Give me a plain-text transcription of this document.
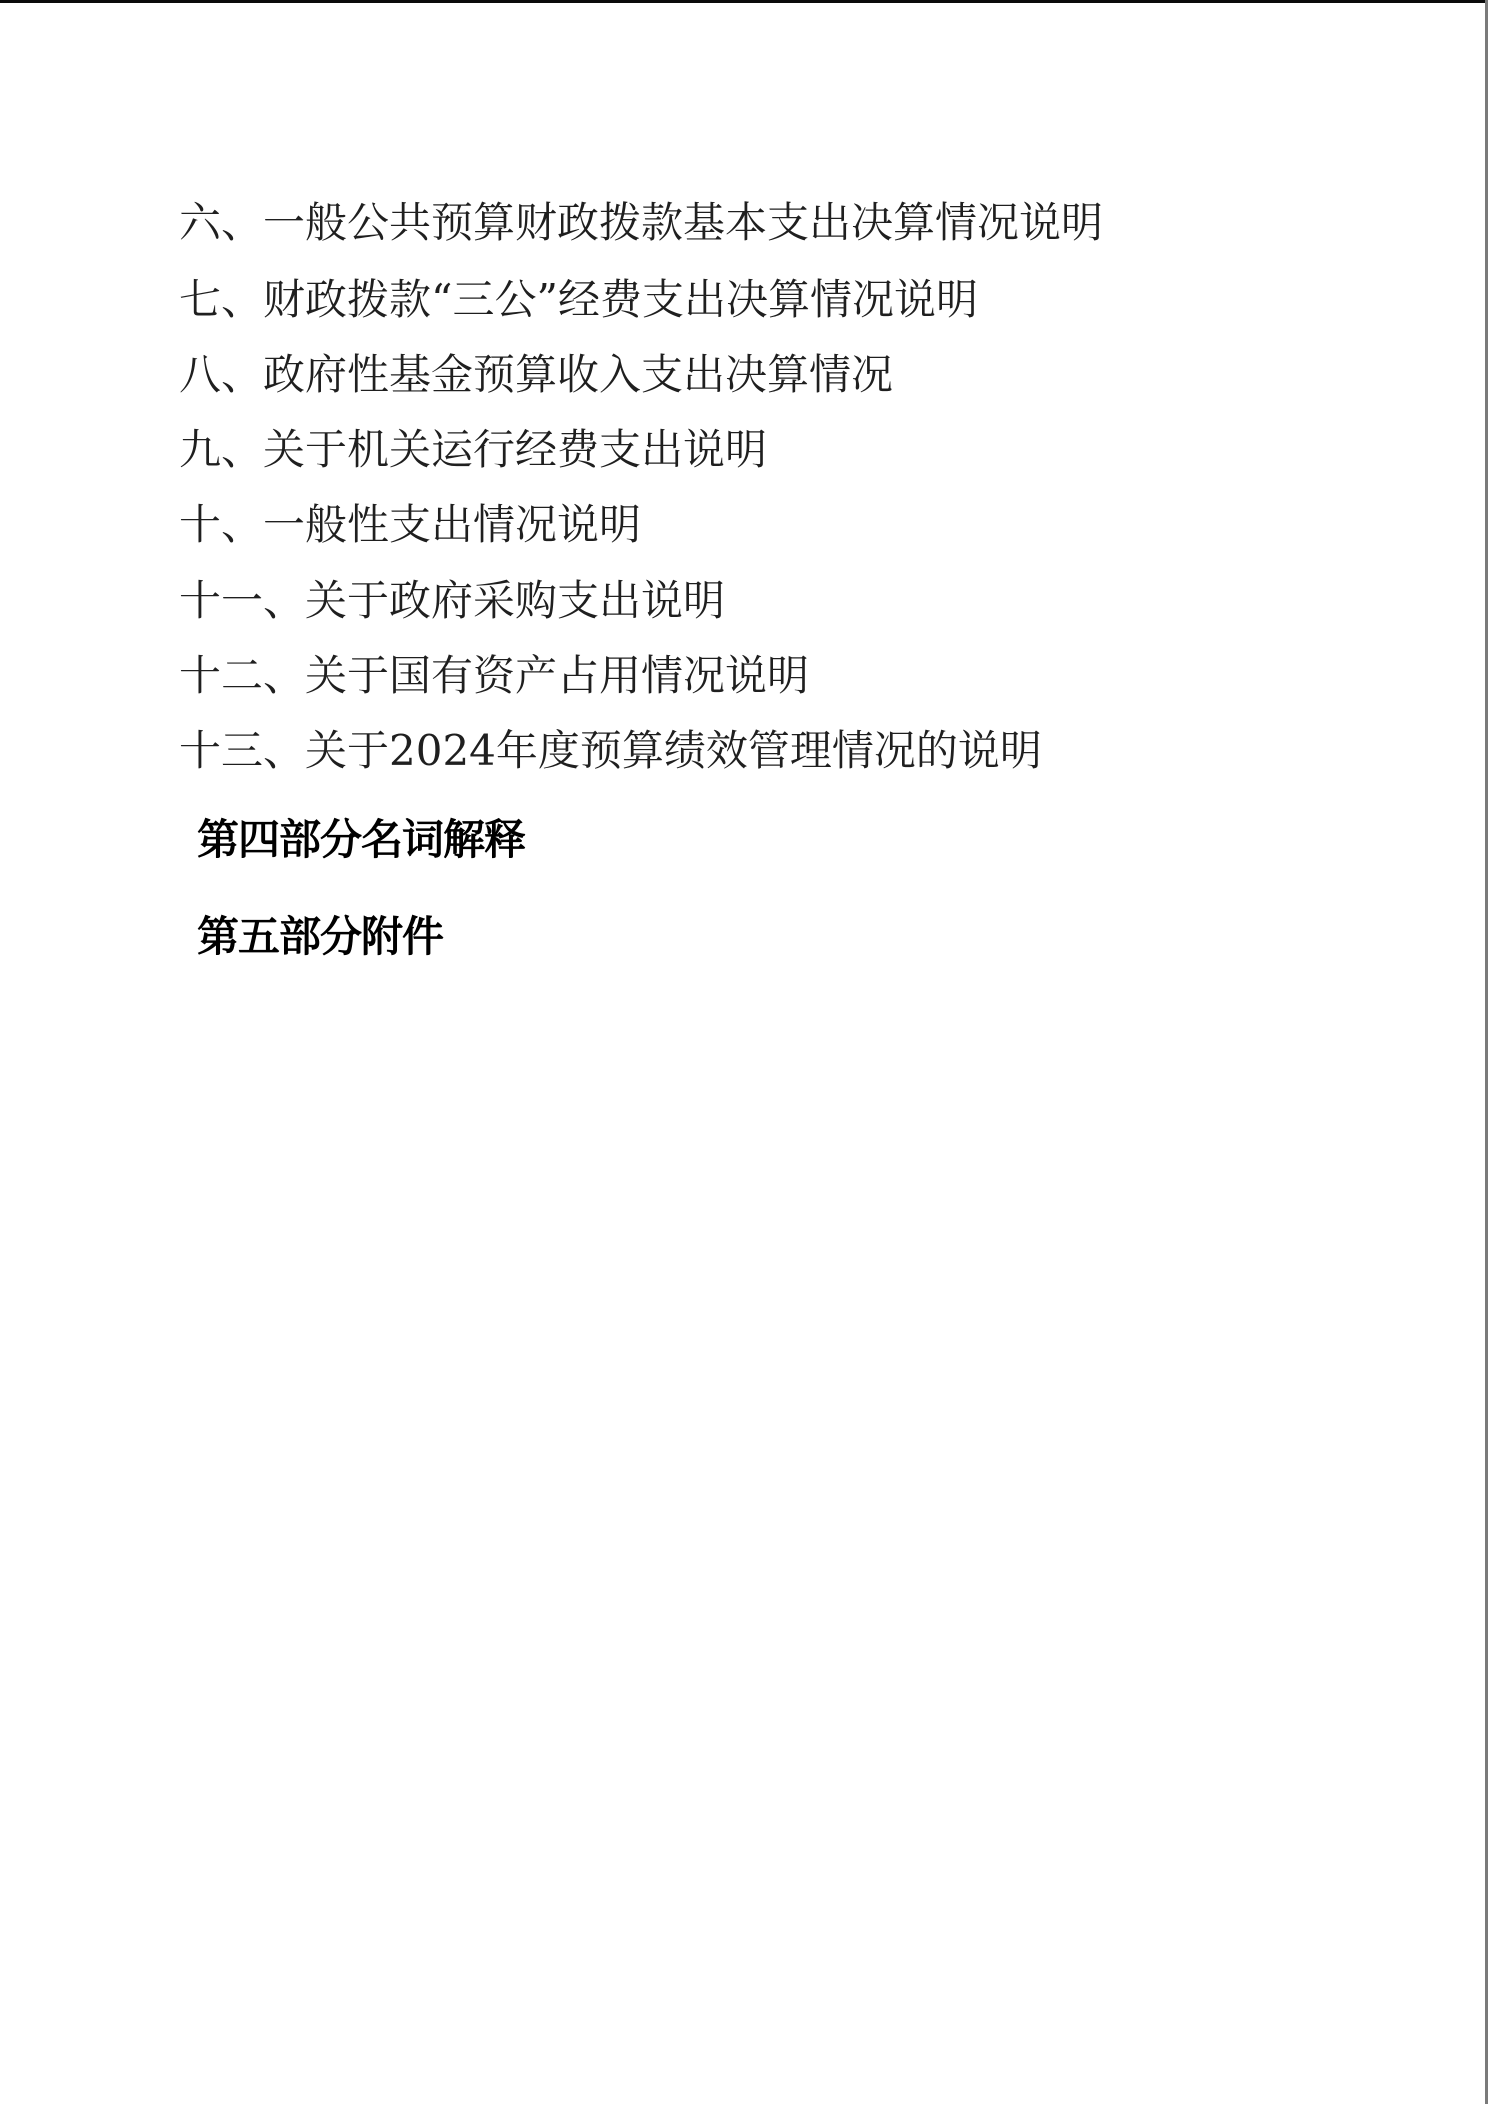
六、一般公共预算财政拨款基本支出决算情况说明
七、财政拨款“三公”经费支出决算情况说明
八、政府性基金预算收入支出决算情况
九、关于机关运行经费支出说明
十、一般性支出情况说明
十一、关于政府采购支出说明
十二、关于国有资产占用情况说明
十三、关于2024年度预算绩效管理情况的说明
第四部分名词解释
第五部分附件
